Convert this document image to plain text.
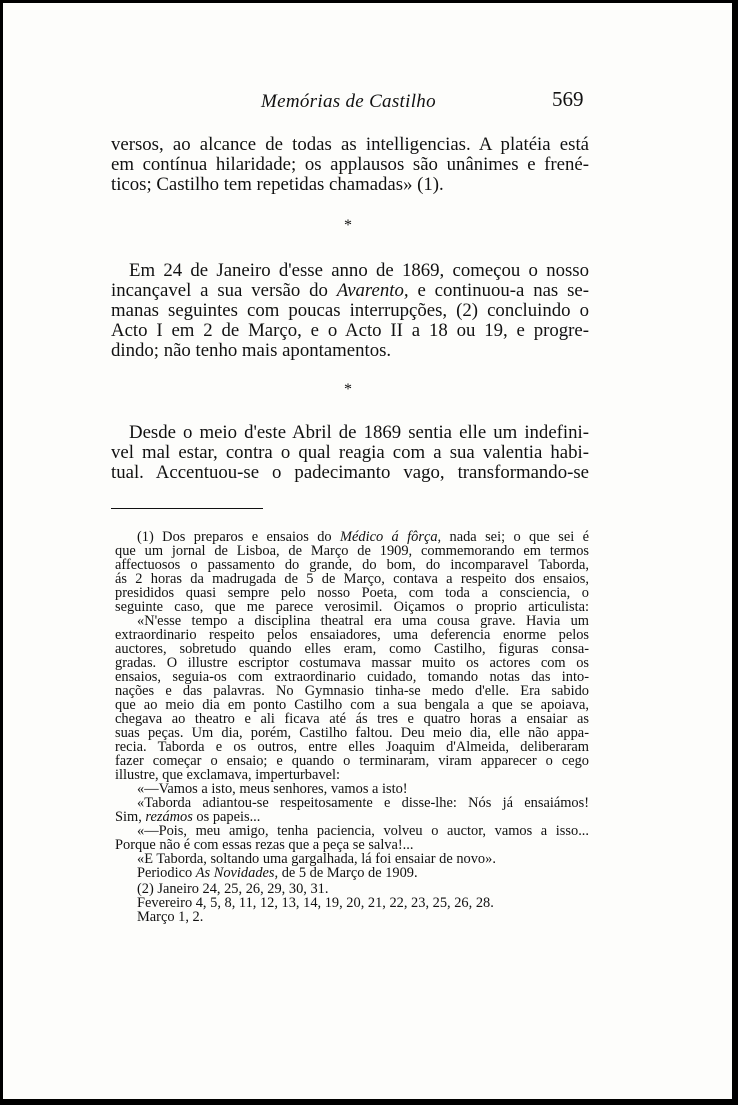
Memórias de Castilho	569
versos, ao alcance de todas as intelligencias. A platéia está
em contínua hilaridade; os applausos são unânimes e frené-
ticos; Castilho tem repetidas chamadas» (1).
*
Em 24 de Janeiro d'esse anno de 1869, começou o nosso
incançavel a sua versão do Avarento, e continuou-a nas se-
manas seguintes com poucas interrupções, (2) concluindo o
Acto I em 2 de Março, e o Acto II a 18 ou 19, e progre-
dindo; não tenho mais apontamentos.
*
Desde o meio d'este Abril de 1869 sentia elle um indefini-
vel mal estar, contra o qual reagia com a sua valentia habi-
tual. Accentuou-se o padecimanto vago, transformando-se
(1) Dos preparos e ensaios do Médico á fôrça, nada sei; o que sei é
que um jornal de Lisboa, de Março de 1909, commemorando em termos
affectuosos o passamento do grande, do bom, do incomparavel Taborda,
ás 2 horas da madrugada de 5 de Março, contava a respeito dos ensaios,
presididos quasi sempre pelo nosso Poeta, com toda a consciencia, o
seguinte caso, que me parece verosimil. Oiçamos o proprio articulista:
«N'esse tempo a disciplina theatral era uma cousa grave. Havia um
extraordinario respeito pelos ensaiadores, uma deferencia enorme pelos
auctores, sobretudo quando elles eram, como Castilho, figuras consa-
gradas. O illustre escriptor costumava massar muito os actores com os
ensaios, seguia-os com extraordinario cuidado, tomando notas das into-
nações e das palavras. No Gymnasio tinha-se medo d'elle. Era sabido
que ao meio dia em ponto Castilho com a sua bengala a que se apoiava,
chegava ao theatro e ali ficava até ás tres e quatro horas a ensaiar as
suas peças. Um dia, porém, Castilho faltou. Deu meio dia, elle não appa-
recia. Taborda e os outros, entre elles Joaquim d'Almeida, deliberaram
fazer começar o ensaio; e quando o terminaram, viram apparecer o cego
illustre, que exclamava, imperturbavel:
«—Vamos a isto, meus senhores, vamos a isto!
«Taborda adiantou-se respeitosamente e disse-lhe: Nós já ensaiámos!
Sim, rezámos os papeis...
«—Pois, meu amigo, tenha paciencia, volveu o auctor, vamos a isso...
Porque não é com essas rezas que a peça se salva!...
«E Taborda, soltando uma gargalhada, lá foi ensaiar de novo».
Periodico As Novidades, de 5 de Março de 1909.
(2) Janeiro 24, 25, 26, 29, 30, 31.
Fevereiro 4, 5, 8, 11, 12, 13, 14, 19, 20, 21, 22, 23, 25, 26, 28.
Março 1, 2.
